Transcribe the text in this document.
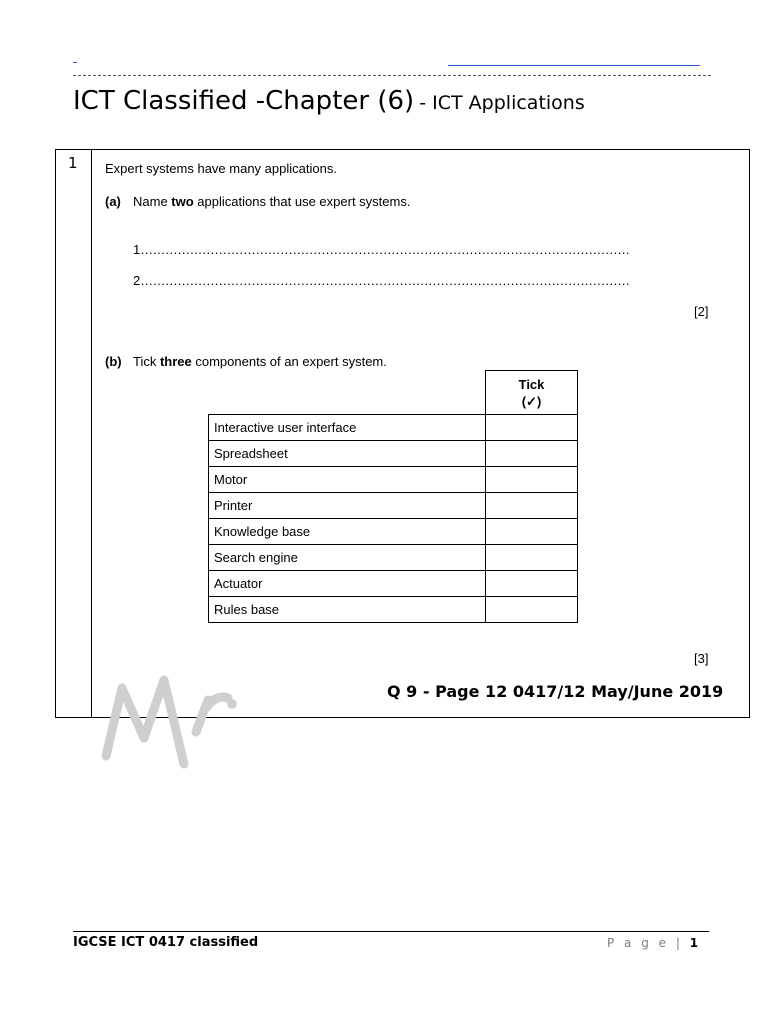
ICT Classified -Chapter (6) - ICT Applications
1 Expert systems have many applications.
(a) Name two applications that use expert systems.
1.......................................................................................................................
2.......................................................................................................................
[2]
(b) Tick three components of an expert system.
	Tick
(✓)
Interactive user interface	
Spreadsheet	
Motor	
Printer	
Knowledge base	
Search engine	
Actuator	
Rules base	
[3]
Q 9 - Page 12 0417/12 May/June 2019
IGCSE ICT 0417 classified	P a g e | 1
